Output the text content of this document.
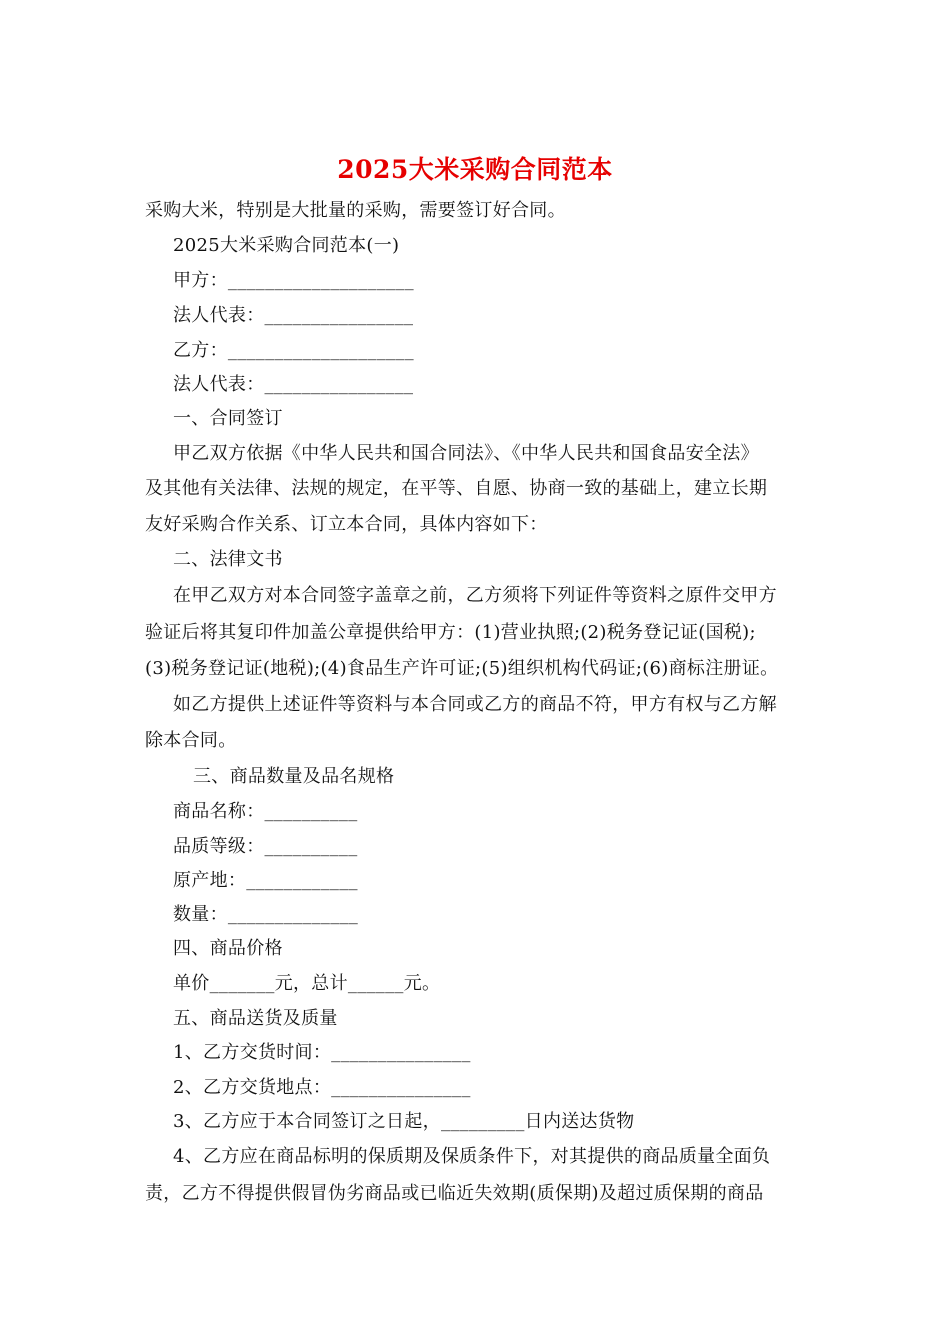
2025大米采购合同范本
采购大米，特别是大批量的采购，需要签订好合同。
2025大米采购合同范本(一)
甲方：____________________
法人代表：________________
乙方：____________________
法人代表：________________
一、合同签订
甲乙双方依据《中华人民共和国合同法》、《中华人民共和国食品安全法》
及其他有关法律、法规的规定，在平等、自愿、协商一致的基础上，建立长期
友好采购合作关系、订立本合同，具体内容如下：
二、法律文书
在甲乙双方对本合同签字盖章之前，乙方须将下列证件等资料之原件交甲方
验证后将其复印件加盖公章提供给甲方：(1)营业执照;(2)税务登记证(国税);
(3)税务登记证(地税);(4)食品生产许可证;(5)组织机构代码证;(6)商标注册证。
如乙方提供上述证件等资料与本合同或乙方的商品不符，甲方有权与乙方解
除本合同。
三、商品数量及品名规格
商品名称：__________
品质等级：__________
原产地：____________
数量：______________
四、商品价格
单价_______元，总计______元。
五、商品送货及质量
1、乙方交货时间：_______________
2、乙方交货地点：_______________
3、乙方应于本合同签订之日起，_________日内送达货物
4、乙方应在商品标明的保质期及保质条件下，对其提供的商品质量全面负
责，乙方不得提供假冒伪劣商品或已临近失效期(质保期)及超过质保期的商品
